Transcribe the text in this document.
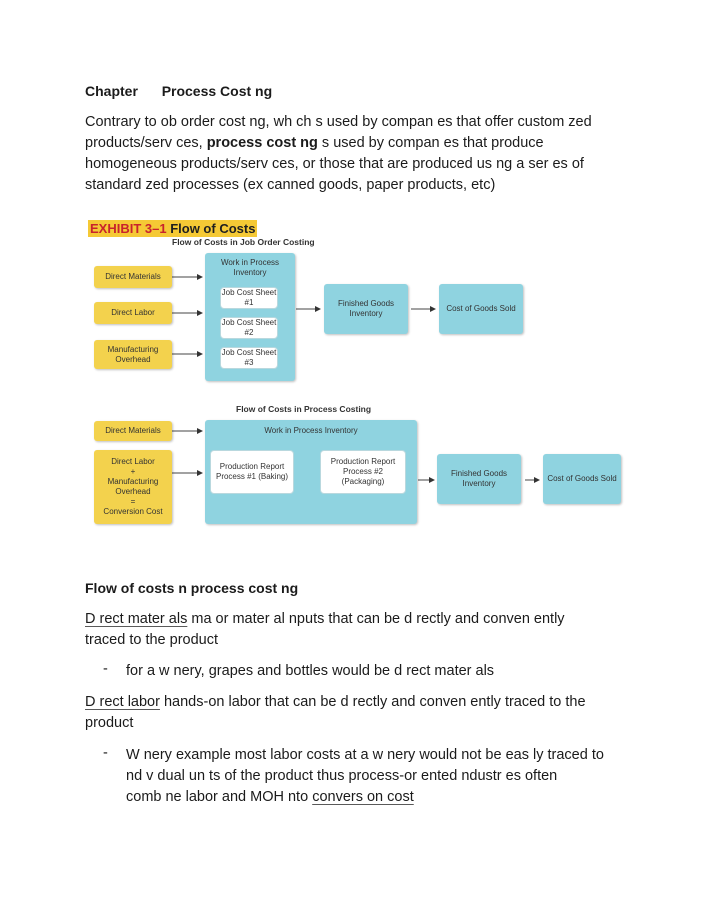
Chapter Process Cost ng
Contrary to ob order cost ng, wh ch s used by compan es that offer custom zed
products/serv ces, process cost ng s used by compan es that produce
homogeneous products/serv ces, or those that are produced us ng a ser es of
standard zed processes (ex canned goods, paper products, etc)
EXHIBIT 3–1 Flow of Costs
Flow of Costs in Job Order Costing
Direct Materials
Direct Labor
Manufacturing Overhead
Work in Process Inventory
Job Cost Sheet #1
Job Cost Sheet #2
Job Cost Sheet #3
Finished Goods Inventory
Cost of Goods Sold
Flow of Costs in Process Costing
Direct Materials
Direct Labor
+
Manufacturing
Overhead
=
Conversion Cost
Work in Process Inventory
Production Report Process #1 (Baking)
Production Report Process #2 (Packaging)
Finished Goods Inventory
Cost of Goods Sold
Flow of costs n process cost ng
D rect mater als ma or mater al nputs that can be d rectly and conven ently
traced to the product
- for a w nery, grapes and bottles would be d rect mater als
D rect labor hands-on labor that can be d rectly and conven ently traced to the
product
- W nery example most labor costs at a w nery would not be eas ly traced to
nd v dual un ts of the product thus process-or ented ndustr es often
comb ne labor and MOH nto convers on cost
